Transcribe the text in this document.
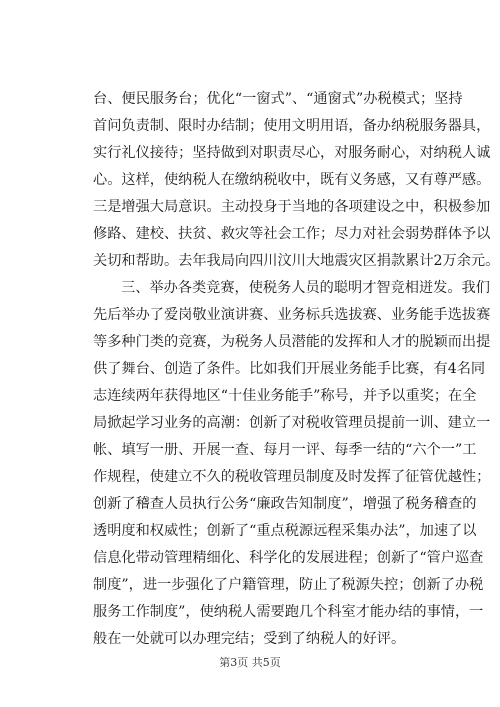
台、便民服务台；优化“一窗式”、“通窗式”办税模式；坚持
首问负责制、限时办结制；使用文明用语，备办纳税服务器具，
实行礼仪接待；坚持做到对职责尽心，对服务耐心，对纳税人诚
心。这样，使纳税人在缴纳税收中，既有义务感，又有尊严感。
三是增强大局意识。主动投身于当地的各项建设之中，积极参加
修路、建校、扶贫、救灾等社会工作；尽力对社会弱势群体予以
关切和帮助。去年我局向四川汶川大地震灾区捐款累计2万余元。
三、举办各类竞赛，使税务人员的聪明才智竞相迸发。我们
先后举办了爱岗敬业演讲赛、业务标兵选拔赛、业务能手选拔赛
等多种门类的竞赛，为税务人员潜能的发挥和人才的脱颖而出提
供了舞台、创造了条件。比如我们开展业务能手比赛，有4名同
志连续两年获得地区“十佳业务能手”称号，并予以重奖；在全
局掀起学习业务的高潮：创新了对税收管理员提前一训、建立一
帐、填写一册、开展一查、每月一评、每季一结的“六个一”工
作规程，使建立不久的税收管理员制度及时发挥了征管优越性；
创新了稽查人员执行公务“廉政告知制度”，增强了税务稽查的
透明度和权威性；创新了“重点税源远程采集办法”，加速了以
信息化带动管理精细化、科学化的发展进程；创新了“管户巡查
制度”，进一步强化了户籍管理，防止了税源失控；创新了办税
服务工作制度”，使纳税人需要跑几个科室才能办结的事情，一
般在一处就可以办理完结；受到了纳税人的好评。
第3页 共5页
